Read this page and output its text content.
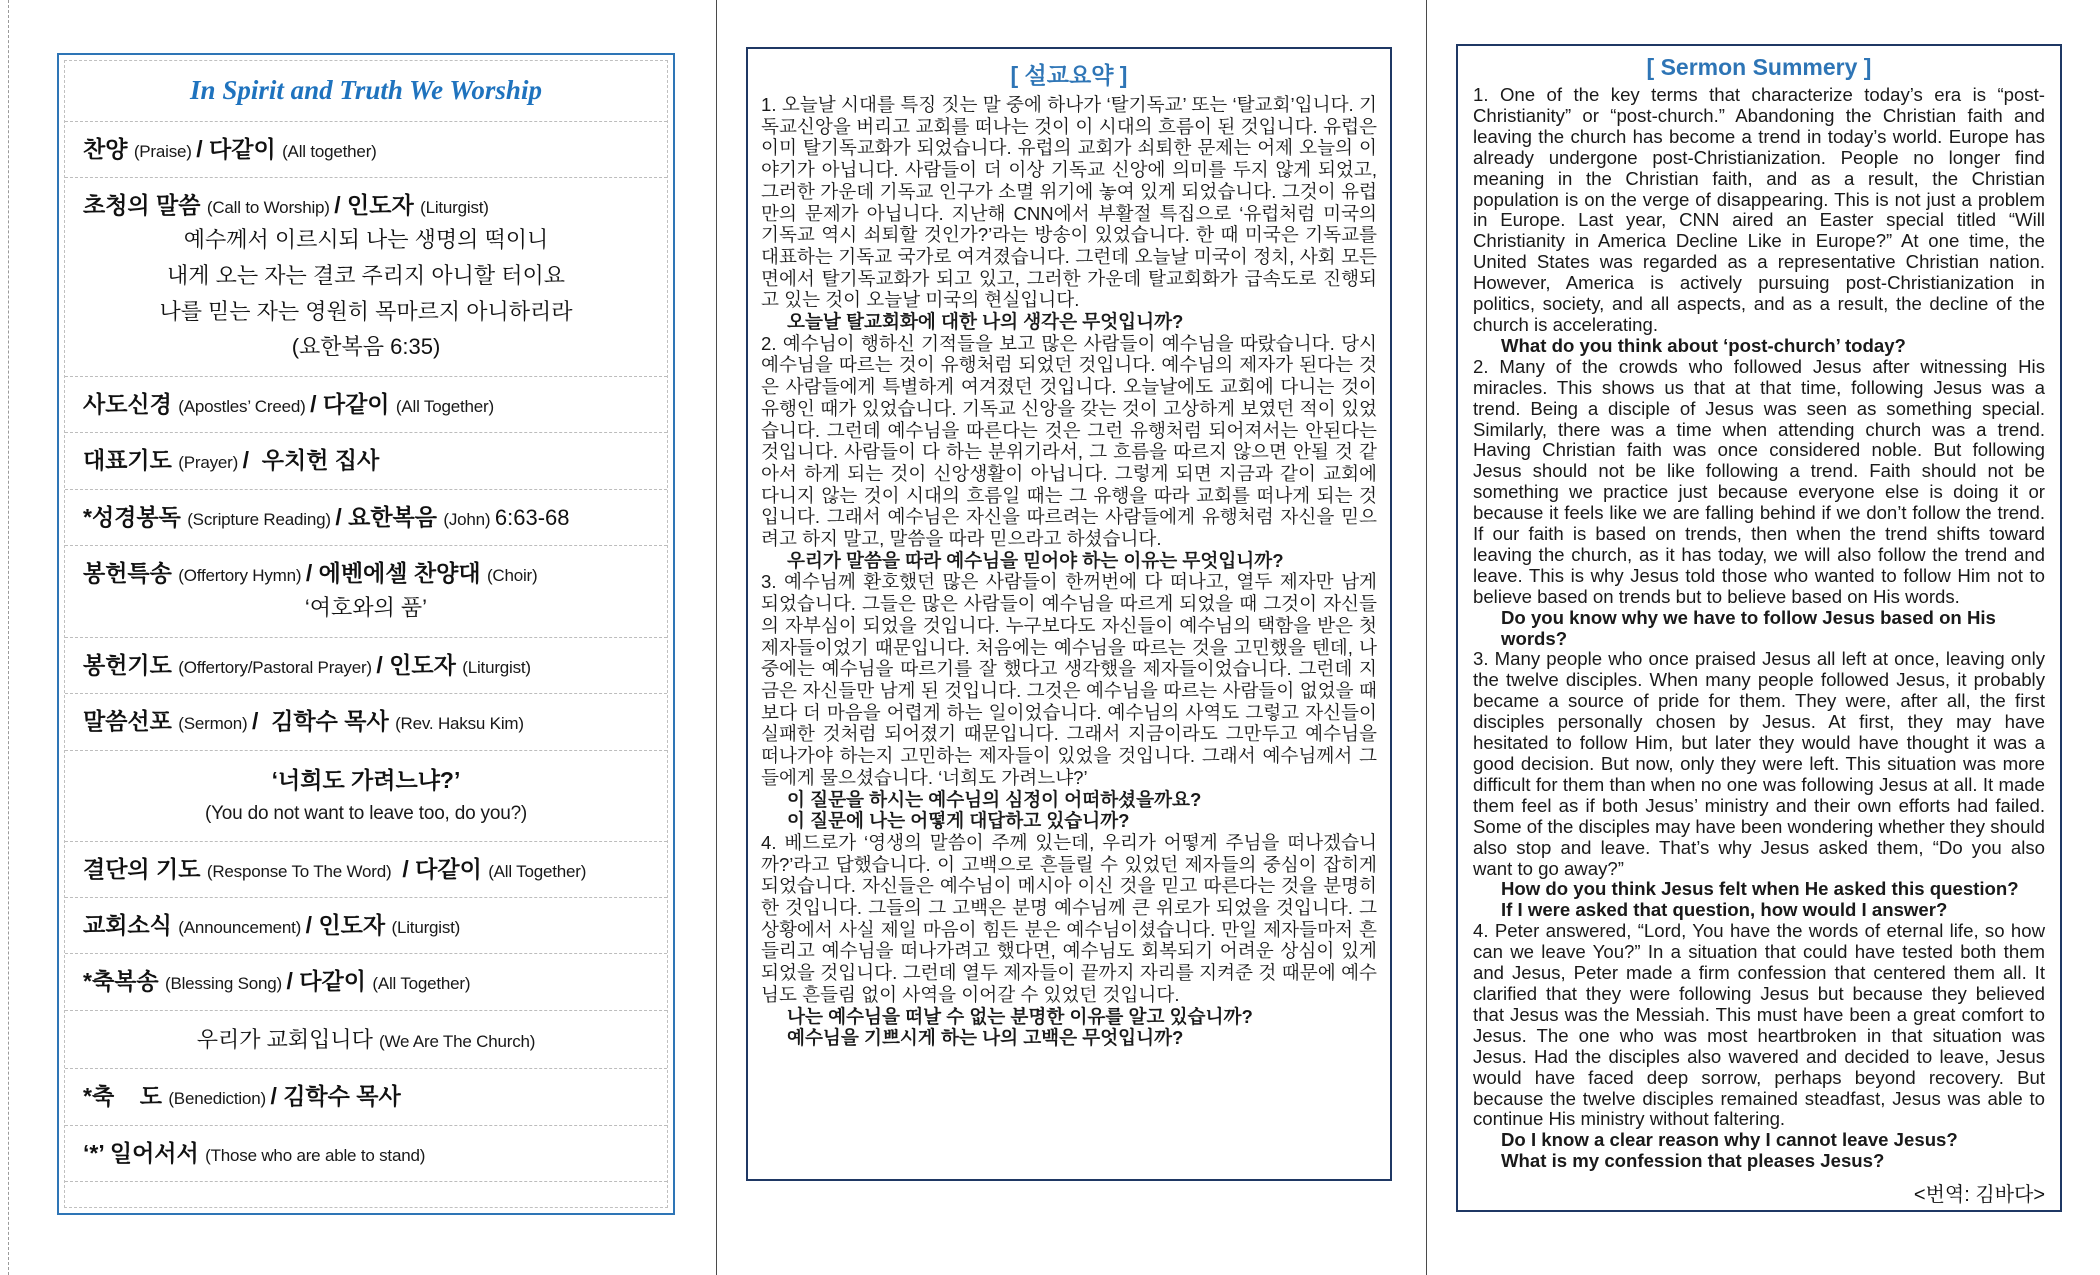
In Spirit and Truth We Worship
찬양 (Praise) / 다같이 (All together)
초청의 말씀 (Call to Worship) / 인도자 (Liturgist)
예수께서 이르시되 나는 생명의 떡이니
내게 오는 자는 결코 주리지 아니할 터이요
나를 믿는 자는 영원히 목마르지 아니하리라
(요한복음 6:35)
사도신경 (Apostles’ Creed) / 다같이 (All Together)
대표기도 (Prayer) /  우치헌 집사
*성경봉독 (Scripture Reading) / 요한복음 (John) 6:63-68
봉헌특송 (Offertory Hymn) / 에벤에셀 찬양대 (Choir)
‘여호와의 품’
봉헌기도 (Offertory/Pastoral Prayer) / 인도자 (Liturgist)
말씀선포 (Sermon) /  김학수 목사 (Rev. Haksu Kim)
‘너희도 가려느냐?’
(You do not want to leave too, do you?)
결단의 기도 (Response To The Word)  / 다같이 (All Together)
교회소식 (Announcement) / 인도자 (Liturgist)
*축복송 (Blessing Song) / 다같이 (All Together)
우리가 교회입니다 (We Are The Church)
*축    도 (Benediction) / 김학수 목사
‘*’ 일어서서 (Those who are able to stand)
[ 설교요약 ]
1. 오늘날 시대를 특징 짓는 말 중에 하나가 ‘탈기독교’ 또는 ‘탈교회’입니다. 기독교신앙을 버리고 교회를 떠나는 것이 이 시대의 흐름이 된 것입니다. 유럽은 이미 탈기독교화가 되었습니다. 유럽의 교회가 쇠퇴한 문제는 어제 오늘의 이야기가 아닙니다. 사람들이 더 이상 기독교 신앙에 의미를 두지 않게 되었고, 그러한 가운데 기독교 인구가 소멸 위기에 놓여 있게 되었습니다. 그것이 유럽만의 문제가 아닙니다. 지난해 CNN에서 부활절 특집으로 ‘유럽처럼 미국의 기독교 역시 쇠퇴할 것인가?’라는 방송이 있었습니다. 한 때 미국은 기독교를 대표하는 기독교 국가로 여겨졌습니다. 그런데 오늘날 미국이 정치, 사회 모든 면에서 탈기독교화가 되고 있고, 그러한 가운데 탈교회화가 급속도로 진행되고 있는 것이 오늘날 미국의 현실입니다.
오늘날 탈교회화에 대한 나의 생각은 무엇입니까?
2. 예수님이 행하신 기적들을 보고 많은 사람들이 예수님을 따랐습니다. 당시 예수님을 따르는 것이 유행처럼 되었던 것입니다. 예수님의 제자가 된다는 것은 사람들에게 특별하게 여겨졌던 것입니다. 오늘날에도 교회에 다니는 것이 유행인 때가 있었습니다. 기독교 신앙을 갖는 것이 고상하게 보였던 적이 있었습니다. 그런데 예수님을 따른다는 것은 그런 유행처럼 되어져서는 안된다는 것입니다. 사람들이 다 하는 분위기라서, 그 흐름을 따르지 않으면 안될 것 같아서 하게 되는 것이 신앙생활이 아닙니다. 그렇게 되면 지금과 같이 교회에 다니지 않는 것이 시대의 흐름일 때는 그 유행을 따라 교회를 떠나게 되는 것입니다. 그래서 예수님은 자신을 따르려는 사람들에게 유행처럼 자신을 믿으려고 하지 말고, 말씀을 따라 믿으라고 하셨습니다.
우리가 말씀을 따라 예수님을 믿어야 하는 이유는 무엇입니까?
3. 예수님께 환호했던 많은 사람들이 한꺼번에 다 떠나고, 열두 제자만 남게 되었습니다. 그들은 많은 사람들이 예수님을 따르게 되었을 때 그것이 자신들의 자부심이 되었을 것입니다. 누구보다도 자신들이 예수님의 택함을 받은 첫 제자들이었기 때문입니다. 처음에는 예수님을 따르는 것을 고민했을 텐데, 나중에는 예수님을 따르기를 잘 했다고 생각했을 제자들이었습니다. 그런데 지금은 자신들만 남게 된 것입니다. 그것은 예수님을 따르는 사람들이 없었을 때 보다 더 마음을 어렵게 하는 일이었습니다. 예수님의 사역도 그렇고 자신들이 실패한 것처럼 되어졌기 때문입니다. 그래서 지금이라도 그만두고 예수님을 떠나가야 하는지 고민하는 제자들이 있었을 것입니다. 그래서 예수님께서 그들에게 물으셨습니다. ‘너희도 가려느냐?’
이 질문을 하시는 예수님의 심정이 어떠하셨을까요?
이 질문에 나는 어떻게 대답하고 있습니까?
4. 베드로가 ‘영생의 말씀이 주께 있는데, 우리가 어떻게 주님을 떠나겠습니까?’라고 답했습니다. 이 고백으로 흔들릴 수 있었던 제자들의 중심이 잡히게 되었습니다. 자신들은 예수님이 메시아 이신 것을 믿고 따른다는 것을 분명히 한 것입니다. 그들의 그 고백은 분명 예수님께 큰 위로가 되었을 것입니다. 그 상황에서 사실 제일 마음이 힘든 분은 예수님이셨습니다. 만일 제자들마저 흔들리고 예수님을 떠나가려고 했다면, 예수님도 회복되기 어려운 상심이 있게 되었을 것입니다. 그런데 열두 제자들이 끝까지 자리를 지켜준 것 때문에 예수님도 흔들림 없이 사역을 이어갈 수 있었던 것입니다.
나는 예수님을 떠날 수 없는 분명한 이유를 알고 있습니까?
예수님을 기쁘시게 하는 나의 고백은 무엇입니까?
[ Sermon Summery ]
1. One of the key terms that characterize today’s era is “post-Christianity” or “post-church.” Abandoning the Christian faith and leaving the church has become a trend in today’s world. Europe has already undergone post-Christianization. People no longer find meaning in the Christian faith, and as a result, the Christian population is on the verge of disappearing. This is not just a problem in Europe. Last year, CNN aired an Easter special titled “Will Christianity in America Decline Like in Europe?” At one time, the United States was regarded as a representative Christian nation. However, America is actively pursuing post-Christianization in politics, society, and all aspects, and as a result, the decline of the church is accelerating.
What do you think about ‘post-church’ today?
2. Many of the crowds who followed Jesus after witnessing His miracles. This shows us that at that time, following Jesus was a trend. Being a disciple of Jesus was seen as something special. Similarly, there was a time when attending church was a trend. Having Christian faith was once considered noble. But following Jesus should not be like following a trend. Faith should not be something we practice just because everyone else is doing it or because it feels like we are falling behind if we don’t follow the trend. If our faith is based on trends, then when the trend shifts toward leaving the church, as it has today, we will also follow the trend and leave. This is why Jesus told those who wanted to follow Him not to believe based on trends but to believe based on His words.
Do you know why we have to follow Jesus based on His words?
3. Many people who once praised Jesus all left at once, leaving only the twelve disciples. When many people followed Jesus, it probably became a source of pride for them. They were, after all, the first disciples personally chosen by Jesus. At first, they may have hesitated to follow Him, but later they would have thought it was a good decision. But now, only they were left. This situation was more difficult for them than when no one was following Jesus at all. It made them feel as if both Jesus’ ministry and their own efforts had failed. Some of the disciples may have been wondering whether they should also stop and leave. That’s why Jesus asked them, “Do you also want to go away?”
How do you think Jesus felt when He asked this question?
If I were asked that question, how would I answer?
4. Peter answered, “Lord, You have the words of eternal life, so how can we leave You?” In a situation that could have tested both them and Jesus, Peter made a firm confession that centered them all. It clarified that they were following Jesus but because they believed that Jesus was the Messiah. This must have been a great comfort to Jesus. The one who was most heartbroken in that situation was Jesus. Had the disciples also wavered and decided to leave, Jesus would have faced deep sorrow, perhaps beyond recovery. But because the twelve disciples remained steadfast, Jesus was able to continue His ministry without faltering.
Do I know a clear reason why I cannot leave Jesus?
What is my confession that pleases Jesus?
<번역: 김바다>
